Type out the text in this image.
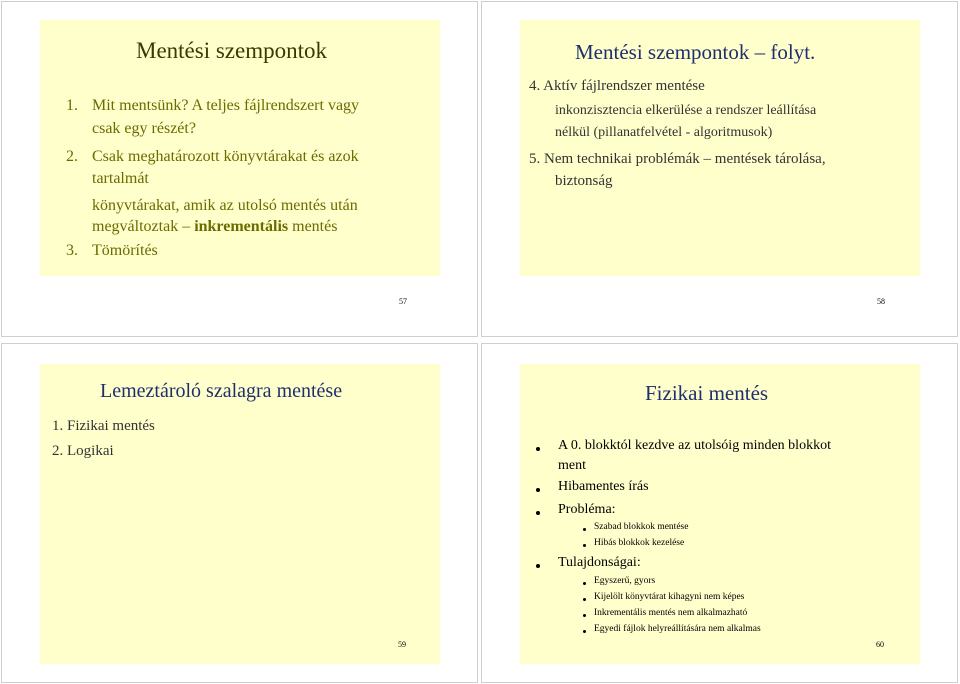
Mentési szempontok
1. Mit mentsünk? A teljes fájlrendszert vagy
csak egy részét?
2. Csak meghatározott könyvtárakat és azok
tartalmát
könyvtárakat, amik az utolsó mentés után
megváltoztak – inkrementális mentés
3. Tömörítés
57
Mentési szempontok – folyt.
4. Aktív fájlrendszer mentése
inkonzisztencia elkerülése a rendszer leállítása
nélkül (pillanatfelvétel - algoritmusok)
5. Nem technikai problémák – mentések tárolása,
biztonság
58
Lemeztároló szalagra mentése
1. Fizikai mentés
2. Logikai
59
Fizikai mentés
A 0. blokktól kezdve az utolsóig minden blokkot
ment
Hibamentes írás
Probléma:
Szabad blokkok mentése
Hibás blokkok kezelése
Tulajdonságai:
Egyszerű, gyors
Kijelölt könyvtárat kihagyni nem képes
Inkrementális mentés nem alkalmazható
Egyedi fájlok helyreállítására nem alkalmas
60
